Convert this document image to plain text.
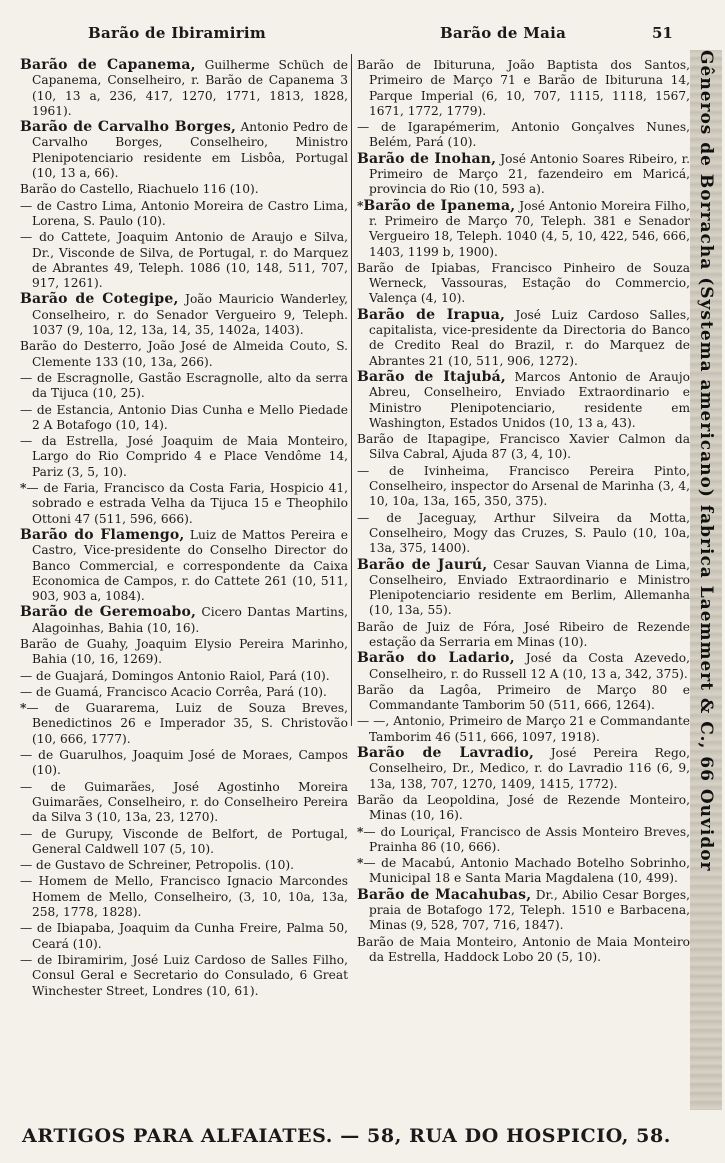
Barão de Ibiramirim	Barão de Maia	51
Barão de Capanema, Guilherme Schüch de Capanema, Conselheiro, r. Barão de Capanema 3 (10, 13 a, 236, 417, 1270, 1771, 1813, 1828, 1961).
Barão de Carvalho Borges, Antonio Pedro de Carvalho Borges, Conselheiro, Ministro Plenipotenciario residente em Lisbôa, Portugal (10, 13 a, 66).
Barão do Castello, Riachuelo 116 (10).
— de Castro Lima, Antonio Moreira de Castro Lima, Lorena, S. Paulo (10).
— do Cattete, Joaquim Antonio de Araujo e Silva, Dr., Visconde de Silva, de Portugal, r. do Marquez de Abrantes 49, Teleph. 1086 (10, 148, 511, 707, 917, 1261).
Barão de Cotegipe, João Mauricio Wanderley, Conselheiro, r. do Senador Vergueiro 9, Teleph. 1037 (9, 10a, 12, 13a, 14, 35, 1402a, 1403).
Barão do Desterro, João José de Almeida Couto, S. Clemente 133 (10, 13a, 266).
— de Escragnolle, Gastão Escragnolle, alto da serra da Tijuca (10, 25).
— de Estancia, Antonio Dias Cunha e Mello Piedade 2 A Botafogo (10, 14).
— da Estrella, José Joaquim de Maia Monteiro, Largo do Rio Comprido 4 e Place Vendôme 14, Pariz (3, 5, 10).
*— de Faria, Francisco da Costa Faria, Hospicio 41, sobrado e estrada Velha da Tijuca 15 e Theophilo Ottoni 47 (511, 596, 666).
Barão do Flamengo, Luiz de Mattos Pereira e Castro, Vice-presidente do Conselho Director do Banco Commercial, e correspondente da Caixa Economica de Campos, r. do Cattete 261 (10, 511, 903, 903 a, 1084).
Barão de Geremoabo, Cicero Dantas Martins, Alagoinhas, Bahia (10, 16).
Barão de Guahy, Joaquim Elysio Pereira Marinho, Bahia (10, 16, 1269).
— de Guajará, Domingos Antonio Raiol, Pará (10).
— de Guamá, Francisco Acacio Corrêa, Pará (10).
*— de Guararema, Luiz de Souza Breves, Benedictinos 26 e Imperador 35, S. Christovão (10, 666, 1777).
— de Guarulhos, Joaquim José de Moraes, Campos (10).
— de Guimarães, José Agostinho Moreira Guimarães, Conselheiro, r. do Conselheiro Pereira da Silva 3 (10, 13a, 23, 1270).
— de Gurupy, Visconde de Belfort, de Portugal, General Caldwell 107 (5, 10).
— de Gustavo de Schreiner, Petropolis. (10).
— Homem de Mello, Francisco Ignacio Marcondes Homem de Mello, Conselheiro, (3, 10, 10a, 13a, 258, 1778, 1828).
— de Ibiapaba, Joaquim da Cunha Freire, Palma 50, Ceará (10).
— de Ibiramirim, José Luiz Cardoso de Salles Filho, Consul Geral e Secretario do Consulado, 6 Great Winchester Street, Londres (10, 61).
Barão de Ibituruna, João Baptista dos Santos, Primeiro de Março 71 e Barão de Ibituruna 14, Parque Imperial (6, 10, 707, 1115, 1118, 1567, 1671, 1772, 1779).
— de Igarapémerim, Antonio Gonçalves Nunes, Belém, Pará (10).
Barão de Inohan, José Antonio Soares Ribeiro, r. Primeiro de Março 21, fazendeiro em Maricá, provincia do Rio (10, 593 a).
*Barão de Ipanema, José Antonio Moreira Filho, r. Primeiro de Março 70, Teleph. 381 e Senador Vergueiro 18, Teleph. 1040 (4, 5, 10, 422, 546, 666, 1403, 1199 b, 1900).
Barão de Ipiabas, Francisco Pinheiro de Souza Werneck, Vassouras, Estação do Commercio, Valença (4, 10).
Barão de Irapua, José Luiz Cardoso Salles, capitalista, vice-presidente da Directoria do Banco de Credito Real do Brazil, r. do Marquez de Abrantes 21 (10, 511, 906, 1272).
Barão de Itajubá, Marcos Antonio de Araujo Abreu, Conselheiro, Enviado Extraordinario e Ministro Plenipotenciario, residente em Washington, Estados Unidos (10, 13 a, 43).
Barão de Itapagipe, Francisco Xavier Calmon da Silva Cabral, Ajuda 87 (3, 4, 10).
— de Ivinheima, Francisco Pereira Pinto, Conselheiro, inspector do Arsenal de Marinha (3, 4, 10, 10a, 13a, 165, 350, 375).
— de Jaceguay, Arthur Silveira da Motta, Conselheiro, Mogy das Cruzes, S. Paulo (10, 10a, 13a, 375, 1400).
Barão de Jaurú, Cesar Sauvan Vianna de Lima, Conselheiro, Enviado Extraordinario e Ministro Plenipotenciario residente em Berlim, Allemanha (10, 13a, 55).
Barão de Juiz de Fóra, José Ribeiro de Rezende estação da Serraria em Minas (10).
Barão do Ladario, José da Costa Azevedo, Conselheiro, r. do Russell 12 A (10, 13 a, 342, 375).
Barão da Lagôa, Primeiro de Março 80 e Commandante Tamborim 50 (511, 666, 1264).
— —, Antonio, Primeiro de Março 21 e Commandante Tamborim 46 (511, 666, 1097, 1918).
Barão de Lavradio, José Pereira Rego, Conselheiro, Dr., Medico, r. do Lavradio 116 (6, 9, 13a, 138, 707, 1270, 1409, 1415, 1772).
Barão da Leopoldina, José de Rezende Monteiro, Minas (10, 16).
*— do Louriçal, Francisco de Assis Monteiro Breves, Prainha 86 (10, 666).
*— de Macabú, Antonio Machado Botelho Sobrinho, Municipal 18 e Santa Maria Magdalena (10, 499).
Barão de Macahubas, Dr., Abilio Cesar Borges, praia de Botafogo 172, Teleph. 1510 e Barbacena, Minas (9, 528, 707, 716, 1847).
Barão de Maia Monteiro, Antonio de Maia Monteiro da Estrella, Haddock Lobo 20 (5, 10).
Gêneros de Borracha (Systema americano) fabrica Laemmert & C., 66 Ouvidor
ARTIGOS PARA ALFAIATES. — 58, RUA DO HOSPICIO, 58.
